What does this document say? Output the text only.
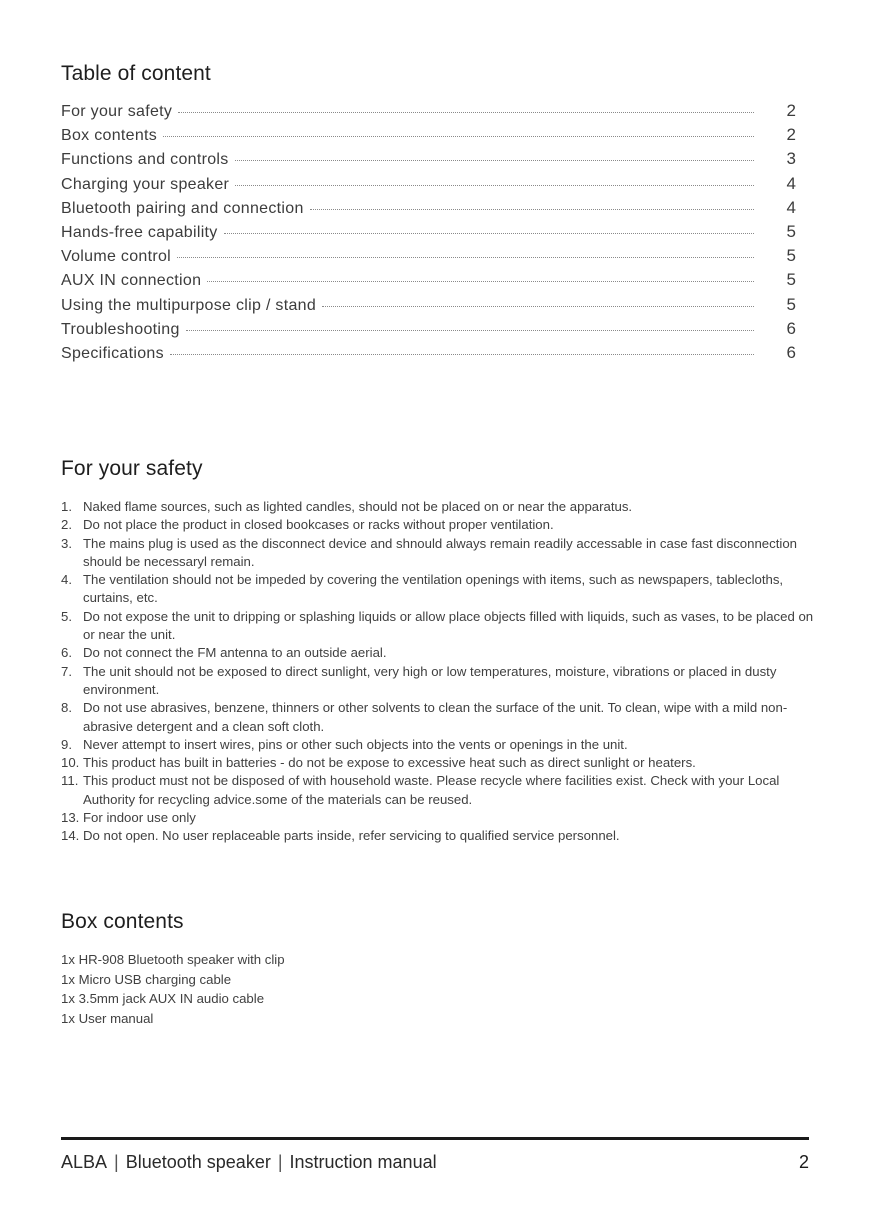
Table of content
For your safety	2
Box contents	2
Functions and controls	3
Charging your speaker	4
Bluetooth pairing and connection	4
Hands-free capability	5
Volume control	5
AUX IN connection	5
Using the multipurpose clip / stand	5
Troubleshooting	6
Specifications	6
For your safety
1. Naked flame sources, such as lighted candles, should not be placed on or near the apparatus.
2. Do not place the product in closed bookcases or racks without proper ventilation.
3. The mains plug is used as the disconnect device and shnould always remain readily accessable in case fast disconnection should be necessaryl remain.
4. The ventilation should not be impeded by covering the ventilation openings with items, such as newspapers, tablecloths, curtains, etc.
5. Do not expose the unit to dripping or splashing liquids or allow place objects filled with liquids, such as vases, to be placed on or near the unit.
6. Do not connect the FM antenna to an outside aerial.
7. The unit should not be exposed to direct sunlight, very high or low temperatures, moisture, vibrations or placed in dusty environment.
8. Do not use abrasives, benzene, thinners or other solvents to clean the surface of the unit. To clean, wipe with a mild non-abrasive detergent and a clean soft cloth.
9. Never attempt to insert wires, pins or other such objects into the vents or openings in the unit.
10. This product has built in batteries - do not be expose to excessive heat such as direct sunlight or heaters.
11. This product must not be disposed of with household waste. Please recycle where facilities exist. Check with your Local Authority for recycling advice.some of the materials can be reused.
13. For indoor use only
14. Do not open. No user replaceable parts inside, refer servicing to qualified service personnel.
Box contents
1x HR-908 Bluetooth speaker with clip
1x Micro USB charging cable
1x 3.5mm jack AUX IN audio cable
1x User manual
ALBA | Bluetooth speaker | Instruction manual	2
